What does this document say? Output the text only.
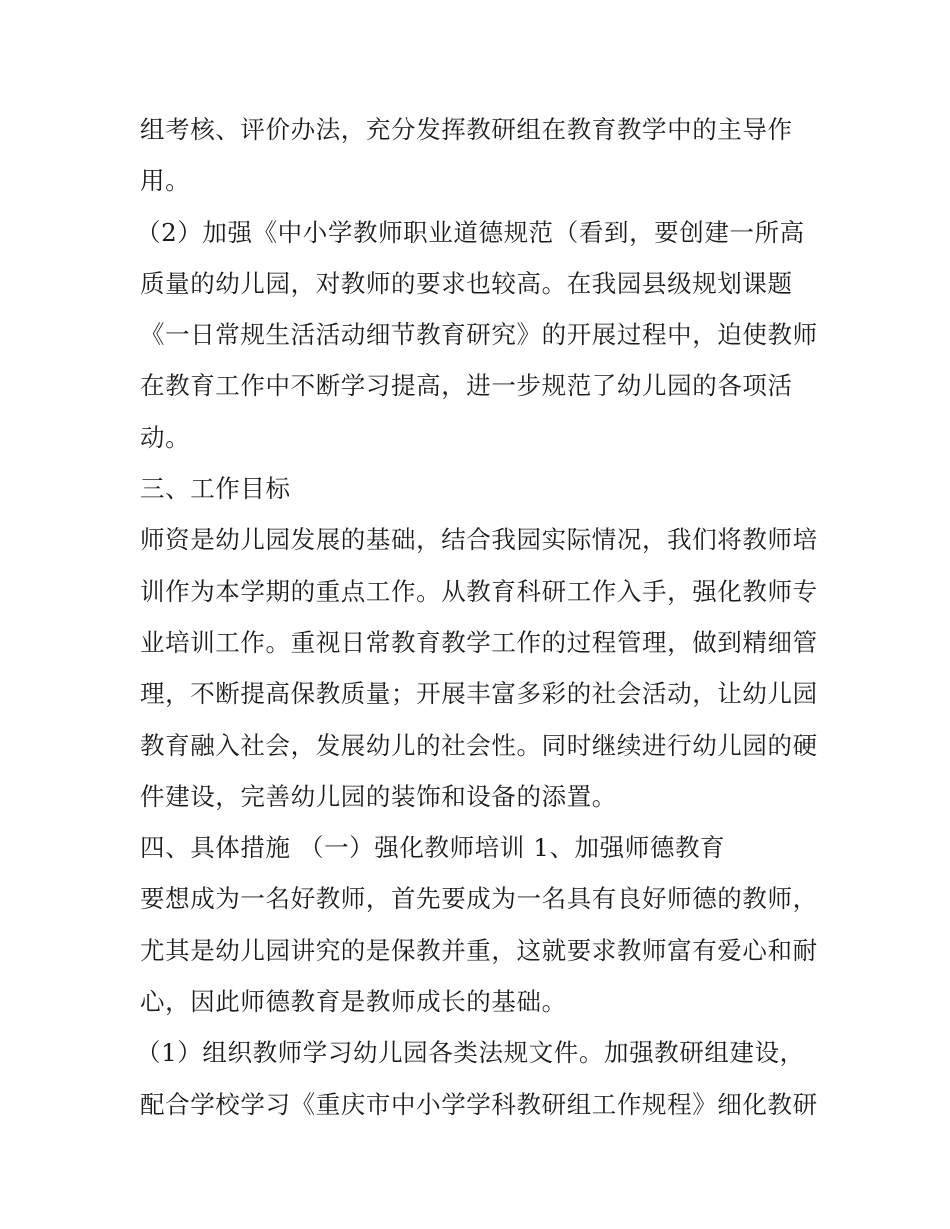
组考核、评价办法，充分发挥教研组在教育教学中的主导作
用。
（2）加强《中小学教师职业道德规范（看到，要创建一所高
质量的幼儿园，对教师的要求也较高。在我园县级规划课题
《一日常规生活活动细节教育研究》的开展过程中，迫使教师
在教育工作中不断学习提高，进一步规范了幼儿园的各项活
动。
三、工作目标
师资是幼儿园发展的基础，结合我园实际情况，我们将教师培
训作为本学期的重点工作。从教育科研工作入手，强化教师专
业培训工作。重视日常教育教学工作的过程管理，做到精细管
理，不断提高保教质量；开展丰富多彩的社会活动，让幼儿园
教育融入社会，发展幼儿的社会性。同时继续进行幼儿园的硬
件建设，完善幼儿园的装饰和设备的添置。
四、具体措施 （一）强化教师培训 1、加强师德教育
要想成为一名好教师，首先要成为一名具有良好师德的教师，
尤其是幼儿园讲究的是保教并重，这就要求教师富有爱心和耐
心，因此师德教育是教师成长的基础。
（1）组织教师学习幼儿园各类法规文件。加强教研组建设，
配合学校学习《重庆市中小学学科教研组工作规程》细化教研
